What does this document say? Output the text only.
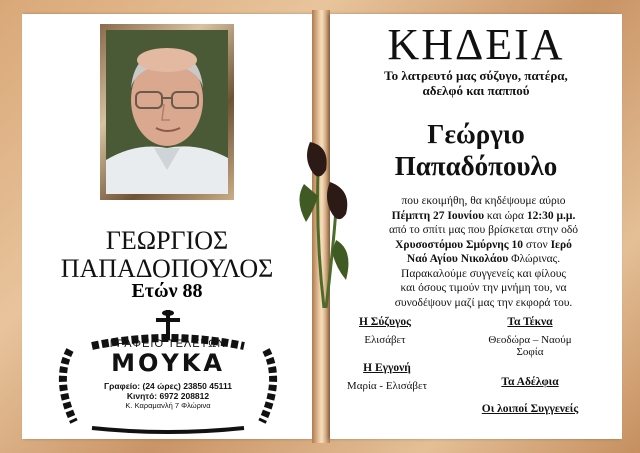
ΓΕΩΡΓΙΟΣ
ΠΑΠΑΔΟΠΟΥΛΟΣ
Ετών 88
ΓΡΑΦΕΙΟ ΤΕΛΕΤΩΝ
ΜΟΥΚΑ
Γραφείο: (24 ώρες) 23850 45111
Κινητό: 6972 208812
Κ. Καραμανλή 7 Φλώρινα
ΚΗΔΕΙΑ
Το λατρευτό μας σύζυγο, πατέρα,
αδελφό και παππού
Γεώργιο
Παπαδόπουλο
που εκοιμήθη, θα κηδέψουμε αύριο
Πέμπτη 27 Ιουνίου και ώρα 12:30 μ.μ.
από το σπίτι μας που βρίσκεται στην οδό
Χρυσοστόμου Σμύρνης 10 στον Ιερό
Ναό Αγίου Νικολάου Φλώρινας.
Παρακαλούμε συγγενείς και φίλους
και όσους τιμούν την μνήμη του, να
συνοδέψουν μαζί μας την εκφορά του.
Η Σύζυγος
Ελισάβετ
Τα Τέκνα
Θεοδώρα – Ναούμ
Σοφία
Η Εγγονή
Μαρία - Ελισάβετ	Τα Αδέλφια
Οι λοιποί Συγγενείς
